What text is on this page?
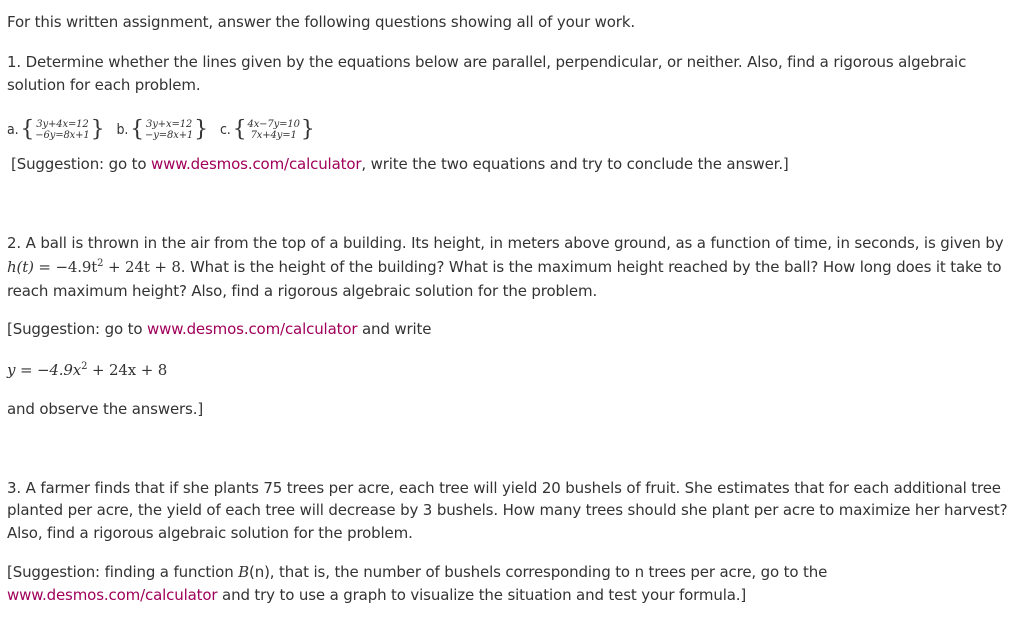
For this written assignment, answer the following questions showing all of your work.
1. Determine whether the lines given by the equations below are parallel, perpendicular, or neither. Also, find a rigorous algebraic
solution for each problem.
a. { 3y+4x=12
−6y=8x+1 } b. { 3y+x=12
−y=8x+1 } c. { 4x−7y=10
7x+4y=1 }
[Suggestion: go to www.desmos.com/calculator, write the two equations and try to conclude the answer.]
2. A ball is thrown in the air from the top of a building. Its height, in meters above ground, as a function of time, in seconds, is given by
$h(t) = -4.9t^2 + 24t + 8$. What is the height of the building? What is the maximum height reached by the ball? How long does it take to
reach maximum height? Also, find a rigorous algebraic solution for the problem.
[Suggestion: go to www.desmos.com/calculator and write
$y = -4.9x^2 + 24x + 8$
and observe the answers.]
3. A farmer finds that if she plants 75 trees per acre, each tree will yield 20 bushels of fruit. She estimates that for each additional tree
planted per acre, the yield of each tree will decrease by 3 bushels. How many trees should she plant per acre to maximize her harvest?
Also, find a rigorous algebraic solution for the problem.
[Suggestion: finding a function B(n), that is, the number of bushels corresponding to n trees per acre, go to the
www.desmos.com/calculator and try to use a graph to visualize the situation and test your formula.]
